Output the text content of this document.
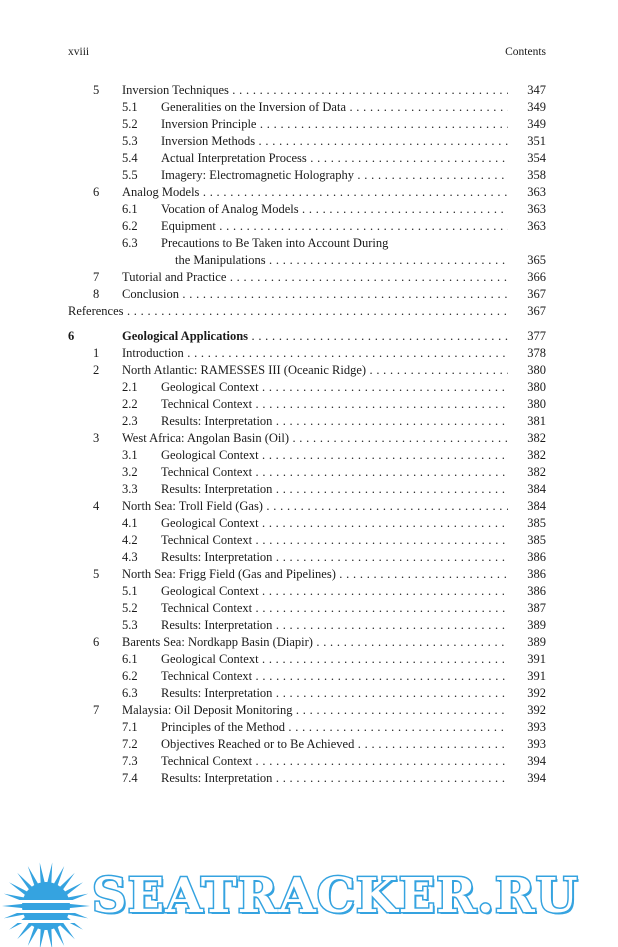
xviii	Contents
5 Inversion Techniques . . .	347
5.1 Generalities on the Inversion of Data . . .	349
5.2 Inversion Principle . . .	349
5.3 Inversion Methods . . .	351
5.4 Actual Interpretation Process . . .	354
5.5 Imagery: Electromagnetic Holography . . .	358
6 Analog Models . . .	363
6.1 Vocation of Analog Models . . .	363
6.2 Equipment . . .	363
6.3 Precautions to Be Taken into Account During
the Manipulations . . .	365
7 Tutorial and Practice . . .	366
8 Conclusion . . .	367
References . . .	367
6	Geological Applications . . .	377
1 Introduction . . .	378
2 North Atlantic: RAMESSES III (Oceanic Ridge) . . .	380
2.1 Geological Context . . .	380
2.2 Technical Context . . .	380
2.3 Results: Interpretation . . .	381
3 West Africa: Angolan Basin (Oil) . . .	382
3.1 Geological Context . . .	382
3.2 Technical Context . . .	382
3.3 Results: Interpretation . . .	384
4 North Sea: Troll Field (Gas) . . .	384
4.1 Geological Context . . .	385
4.2 Technical Context . . .	385
4.3 Results: Interpretation . . .	386
5 North Sea: Frigg Field (Gas and Pipelines) . . .	386
5.1 Geological Context . . .	386
5.2 Technical Context . . .	387
5.3 Results: Interpretation . . .	389
6 Barents Sea: Nordkapp Basin (Diapir) . . .	389
6.1 Geological Context . . .	391
6.2 Technical Context . . .	391
6.3 Results: Interpretation . . .	392
7 Malaysia: Oil Deposit Monitoring . . .	392
7.1 Principles of the Method . . .	393
7.2 Objectives Reached or to Be Achieved . . .	393
7.3 Technical Context . . .	394
7.4 Results: Interpretation . . .	394
SEATRACKER.RU
